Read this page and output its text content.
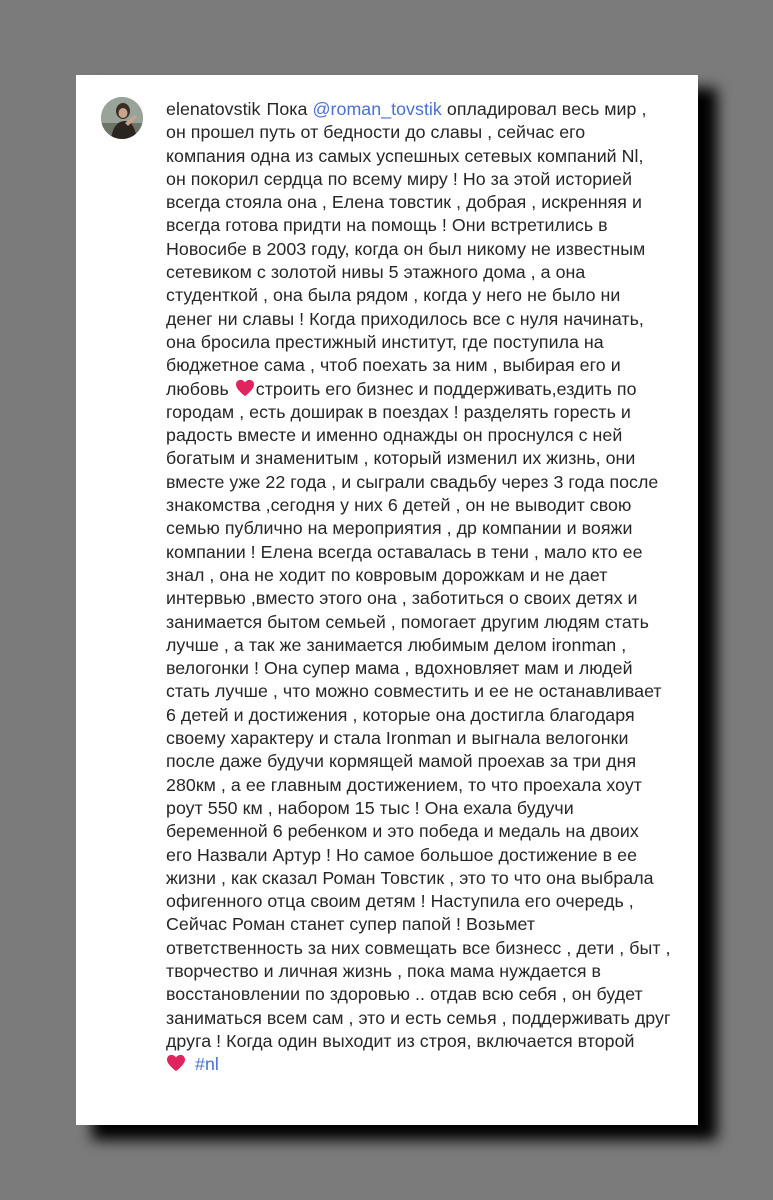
elenatovstik Пока @roman_tovstik опладировал весь мир ,
он прошел путь от бедности до славы , сейчас его
компания одна из самых успешных сетевых компаний Nl,
он покорил сердца по всему миру ! Но за этой историей
всегда стояла она , Елена товстик , добрая , искренняя и
всегда готова придти на помощь ! Они встретились в
Новосибе в 2003 году, когда он был никому не известным
сетевиком с золотой нивы 5 этажного дома , а она
студенткой , она была рядом , когда у него не было ни
денег ни славы ! Когда приходилось все с нуля начинать,
она бросила престижный институт, где поступила на
бюджетное сама , чтоб поехать за ним , выбирая его и
любовь строить его бизнес и поддерживать,ездить по
городам , есть доширак в поездах ! разделять горесть и
радость вместе и именно однажды он проснулся с ней
богатым и знаменитым , который изменил их жизнь, они
вместе уже 22 года , и сыграли свадьбу через 3 года после
знакомства ,сегодня у них 6 детей , он не выводит свою
семью публично на мероприятия , др компании и вояжи
компании ! Елена всегда оставалась в тени , мало кто ее
знал , она не ходит по ковровым дорожкам и не дает
интервью ,вместо этого она , заботиться о своих детях и
занимается бытом семьей , помогает другим людям стать
лучше , а так же занимается любимым делом ironman ,
велогонки ! Она супер мама , вдохновляет мам и людей
стать лучше , что можно совместить и ее не останавливает
6 детей и достижения , которые она достигла благодаря
своему характеру и стала Ironman и выгнала велогонки
после даже будучи кормящей мамой проехав за три дня
280км , а ее главным достижением, то что проехала хоут
роут 550 км , набором 15 тыс ! Она ехала будучи
беременной 6 ребенком и это победа и медаль на двоих
его Назвали Артур ! Но самое большое достижение в ее
жизни , как сказал Роман Товстик , это то что она выбрала
офигенного отца своим детям ! Наступила его очередь ,
Сейчас Роман станет супер папой ! Возьмет
ответственность за них совмещать все бизнесс , дети , быт ,
творчество и личная жизнь , пока мама нуждается в
восстановлении по здоровью .. отдав всю себя , он будет
заниматься всем сам , это и есть семья , поддерживать друг
друга ! Когда один выходит из строя, включается второй
#nl
